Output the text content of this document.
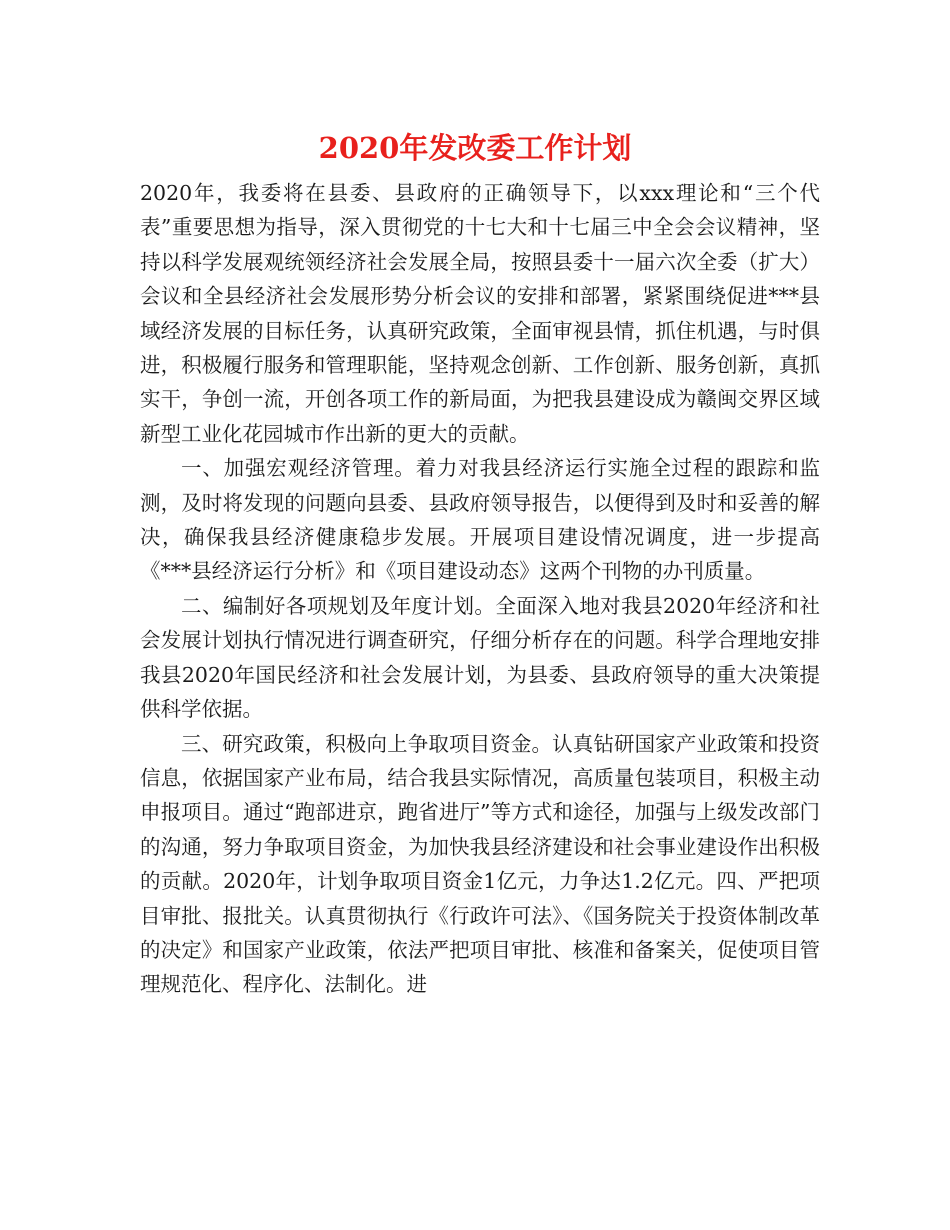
2020年发改委工作计划

2020年，我委将在县委、县政府的正确领导下，以xxx理论和“三个代表”重要思想为指导，深入贯彻党的十七大和十七届三中全会会议精神，坚持以科学发展观统领经济社会发展全局，按照县委十一届六次全委（扩大）会议和全县经济社会发展形势分析会议的安排和部署，紧紧围绕促进***县域经济发展的目标任务，认真研究政策，全面审视县情，抓住机遇，与时俱进，积极履行服务和管理职能，坚持观念创新、工作创新、服务创新，真抓实干，争创一流，开创各项工作的新局面，为把我县建设成为赣闽交界区域新型工业化花园城市作出新的更大的贡献。

一、加强宏观经济管理。着力对我县经济运行实施全过程的跟踪和监测，及时将发现的问题向县委、县政府领导报告，以便得到及时和妥善的解决，确保我县经济健康稳步发展。开展项目建设情况调度，进一步提高《***县经济运行分析》和《项目建设动态》这两个刊物的办刊质量。

二、编制好各项规划及年度计划。全面深入地对我县2020年经济和社会发展计划执行情况进行调查研究，仔细分析存在的问题。科学合理地安排我县2020年国民经济和社会发展计划，为县委、县政府领导的重大决策提供科学依据。

三、研究政策，积极向上争取项目资金。认真钻研国家产业政策和投资信息，依据国家产业布局，结合我县实际情况，高质量包装项目，积极主动申报项目。通过“跑部进京，跑省进厅”等方式和途径，加强与上级发改部门的沟通，努力争取项目资金，为加快我县经济建设和社会事业建设作出积极的贡献。2020年，计划争取项目资金1亿元，力争达1.2亿元。四、严把项目审批、报批关。认真贯彻执行《行政许可法》、《国务院关于投资体制改革的决定》和国家产业政策，依法严把项目审批、核准和备案关，促使项目管理规范化、程序化、法制化。进
